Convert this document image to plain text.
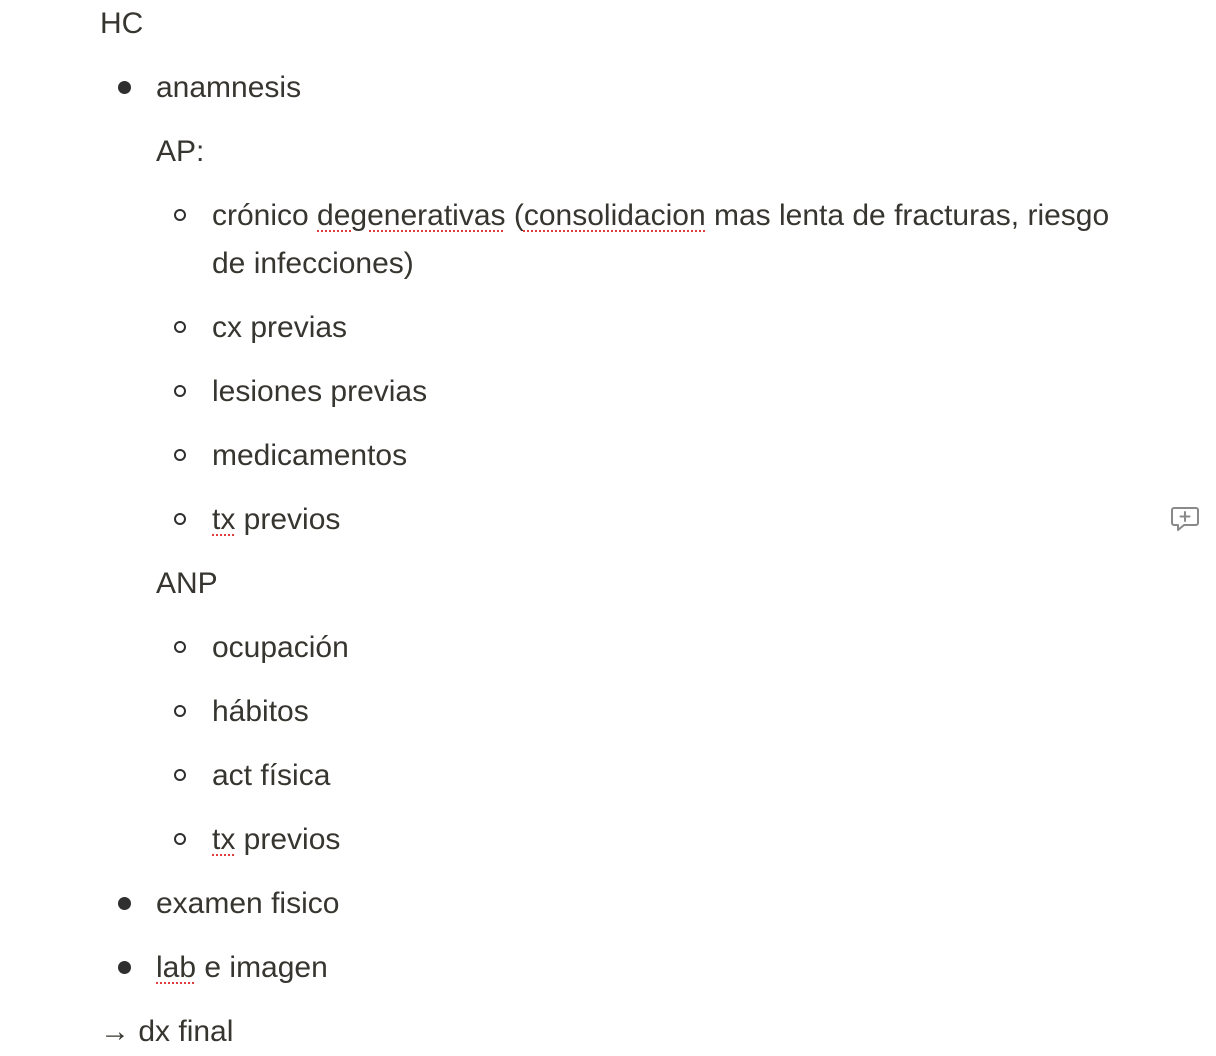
HC
anamnesis
AP:
crónico degenerativas (consolidacion mas lenta de fracturas, riesgo de infecciones)
cx previas
lesiones previas
medicamentos
tx previos
ANP
ocupación
hábitos
act física
tx previos
examen fisico
lab e imagen
→ dx final
